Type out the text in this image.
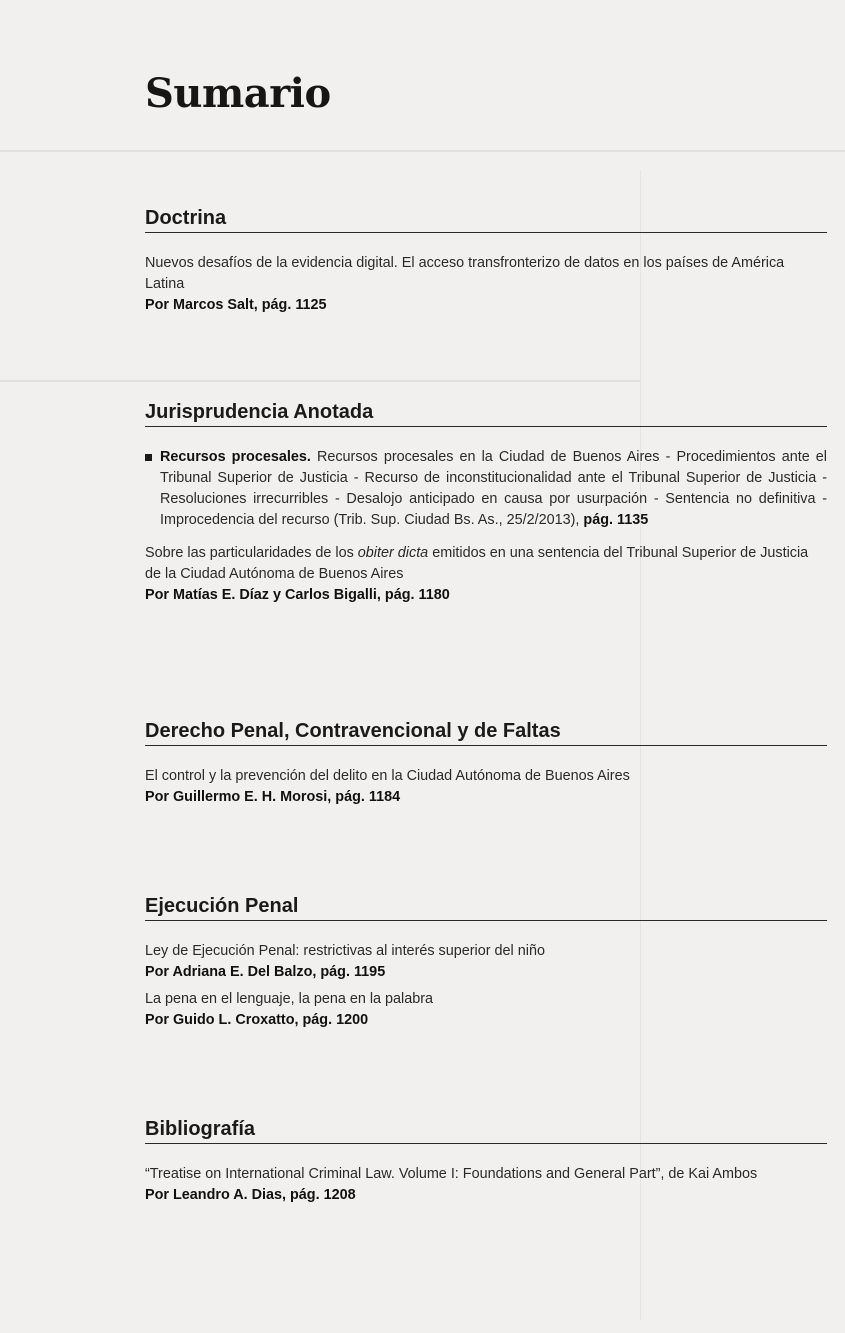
Sumario
Doctrina
Nuevos desafíos de la evidencia digital. El acceso transfronterizo de datos en los países de América Latina
Por Marcos Salt, pág. 1125
Jurisprudencia Anotada
Recursos procesales. Recursos procesales en la Ciudad de Buenos Aires - Procedimientos ante el Tribunal Superior de Justicia - Recurso de inconstitucionalidad ante el Tribunal Superior de Justicia - Resoluciones irrecurribles - Desalojo anticipado en causa por usurpación - Sentencia no definitiva - Improcedencia del recurso (Trib. Sup. Ciudad Bs. As., 25/2/2013), pág. 1135
Sobre las particularidades de los obiter dicta emitidos en una sentencia del Tribunal Superior de Justicia de la Ciudad Autónoma de Buenos Aires
Por Matías E. Díaz y Carlos Bigalli, pág. 1180
Derecho Penal, Contravencional y de Faltas
El control y la prevención del delito en la Ciudad Autónoma de Buenos Aires
Por Guillermo E. H. Morosi, pág. 1184
Ejecución Penal
Ley de Ejecución Penal: restrictivas al interés superior del niño
Por Adriana E. Del Balzo, pág. 1195
La pena en el lenguaje, la pena en la palabra
Por Guido L. Croxatto, pág. 1200
Bibliografía
“Treatise on International Criminal Law. Volume I: Foundations and General Part”, de Kai Ambos
Por Leandro A. Dias, pág. 1208
